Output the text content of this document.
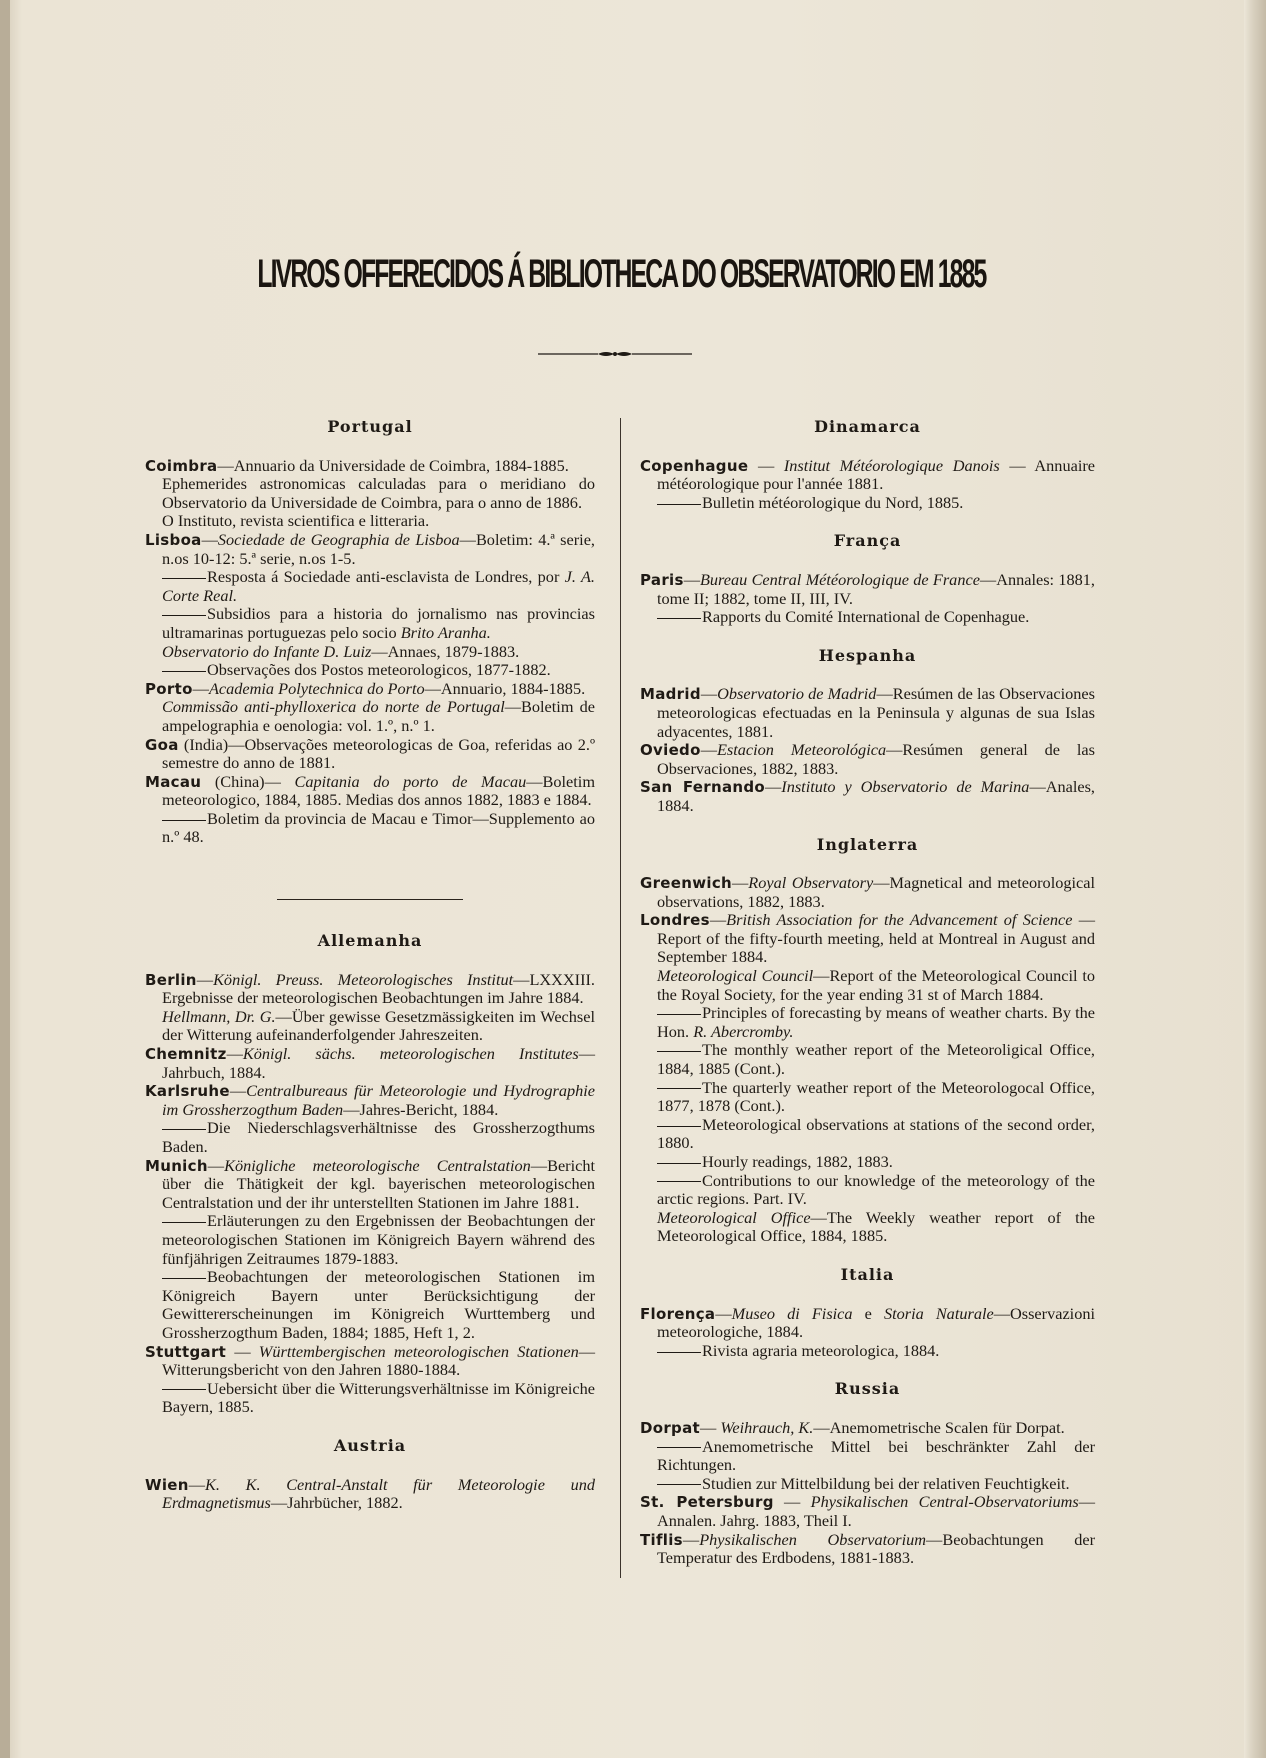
LIVROS OFFERECIDOS Á BIBLIOTHECA DO OBSERVATORIO EM 1885
Portugal
Coimbra—Annuario da Universidade de Coimbra, 1884-1885.
Ephemerides astronomicas calculadas para o meridiano do Observatorio da Universidade de Coimbra, para o anno de 1886.
O Instituto, revista scientifica e litteraria.
Lisboa—Sociedade de Geographia de Lisboa—Boletim: 4.ª serie, n.os 10-12: 5.ª serie, n.os 1-5.
Resposta á Sociedade anti-esclavista de Londres, por J. A. Corte Real.
Subsidios para a historia do jornalismo nas provincias ultramarinas portuguezas pelo socio Brito Aranha.
Observatorio do Infante D. Luiz—Annaes, 1879-1883.
Observações dos Postos meteorologicos, 1877-1882.
Porto—Academia Polytechnica do Porto—Annuario, 1884-1885.
Commissão anti-phylloxerica do norte de Portugal—Boletim de ampelographia e oenologia: vol. 1.º, n.º 1.
Goa (India)—Observações meteorologicas de Goa, referidas ao 2.º semestre do anno de 1881.
Macau (China)— Capitania do porto de Macau—Boletim meteorologico, 1884, 1885. Medias dos annos 1882, 1883 e 1884.
Boletim da provincia de Macau e Timor—Supplemento ao n.º 48.
Allemanha
Berlin—Königl. Preuss. Meteorologisches Institut—LXXXIII. Ergebnisse der meteorologischen Beobachtungen im Jahre 1884.
Hellmann, Dr. G.—Über gewisse Gesetzmässigkeiten im Wechsel der Witterung aufeinanderfolgender Jahreszeiten.
Chemnitz—Königl. sächs. meteorologischen Institutes—Jahrbuch, 1884.
Karlsruhe—Centralbureaus für Meteorologie und Hydrographie im Grossherzogthum Baden—Jahres-Bericht, 1884.
Die Niederschlagsverhältnisse des Grossherzogthums Baden.
Munich—Königliche meteorologische Centralstation—Bericht über die Thätigkeit der kgl. bayerischen meteorologischen Centralstation und der ihr unterstellten Stationen im Jahre 1881.
Erläuterungen zu den Ergebnissen der Beobachtungen der meteorologischen Stationen im Königreich Bayern während des fünfjährigen Zeitraumes 1879-1883.
Beobachtungen der meteorologischen Stationen im Königreich Bayern unter Berücksichtigung der Gewittererscheinungen im Königreich Wurttemberg und Grossherzogthum Baden, 1884; 1885, Heft 1, 2.
Stuttgart — Württembergischen meteorologischen Stationen—Witterungsbericht von den Jahren 1880-1884.
Uebersicht über die Witterungsverhältnisse im Königreiche Bayern, 1885.
Austria
Wien—K. K. Central-Anstalt für Meteorologie und Erdmagnetismus—Jahrbücher, 1882.
Dinamarca
Copenhague — Institut Météorologique Danois — Annuaire météorologique pour l'année 1881.
Bulletin météorologique du Nord, 1885.
França
Paris—Bureau Central Météorologique de France—Annales: 1881, tome II; 1882, tome II, III, IV.
Rapports du Comité International de Copenhague.
Hespanha
Madrid—Observatorio de Madrid—Resúmen de las Observaciones meteorologicas efectuadas en la Peninsula y algunas de sua Islas adyacentes, 1881.
Oviedo—Estacion Meteorológica—Resúmen general de las Observaciones, 1882, 1883.
San Fernando—Instituto y Observatorio de Marina—Anales, 1884.
Inglaterra
Greenwich—Royal Observatory—Magnetical and meteorological observations, 1882, 1883.
Londres—British Association for the Advancement of Science —Report of the fifty-fourth meeting, held at Montreal in August and September 1884.
Meteorological Council—Report of the Meteorological Council to the Royal Society, for the year ending 31 st of March 1884.
Principles of forecasting by means of weather charts. By the Hon. R. Abercromby.
The monthly weather report of the Meteoroligical Office, 1884, 1885 (Cont.).
The quarterly weather report of the Meteorologocal Office, 1877, 1878 (Cont.).
Meteorological observations at stations of the second order, 1880.
Hourly readings, 1882, 1883.
Contributions to our knowledge of the meteorology of the arctic regions. Part. IV.
Meteorological Office—The Weekly weather report of the Meteorological Office, 1884, 1885.
Italia
Florença—Museo di Fisica e Storia Naturale—Osservazioni meteorologiche, 1884.
Rivista agraria meteorologica, 1884.
Russia
Dorpat— Weihrauch, K.—Anemometrische Scalen für Dorpat.
Anemometrische Mittel bei beschränkter Zahl der Richtungen.
Studien zur Mittelbildung bei der relativen Feuchtigkeit.
St. Petersburg — Physikalischen Central-Observatoriums—Annalen. Jahrg. 1883, Theil I.
Tiflis—Physikalischen Observatorium—Beobachtungen der Temperatur des Erdbodens, 1881-1883.
